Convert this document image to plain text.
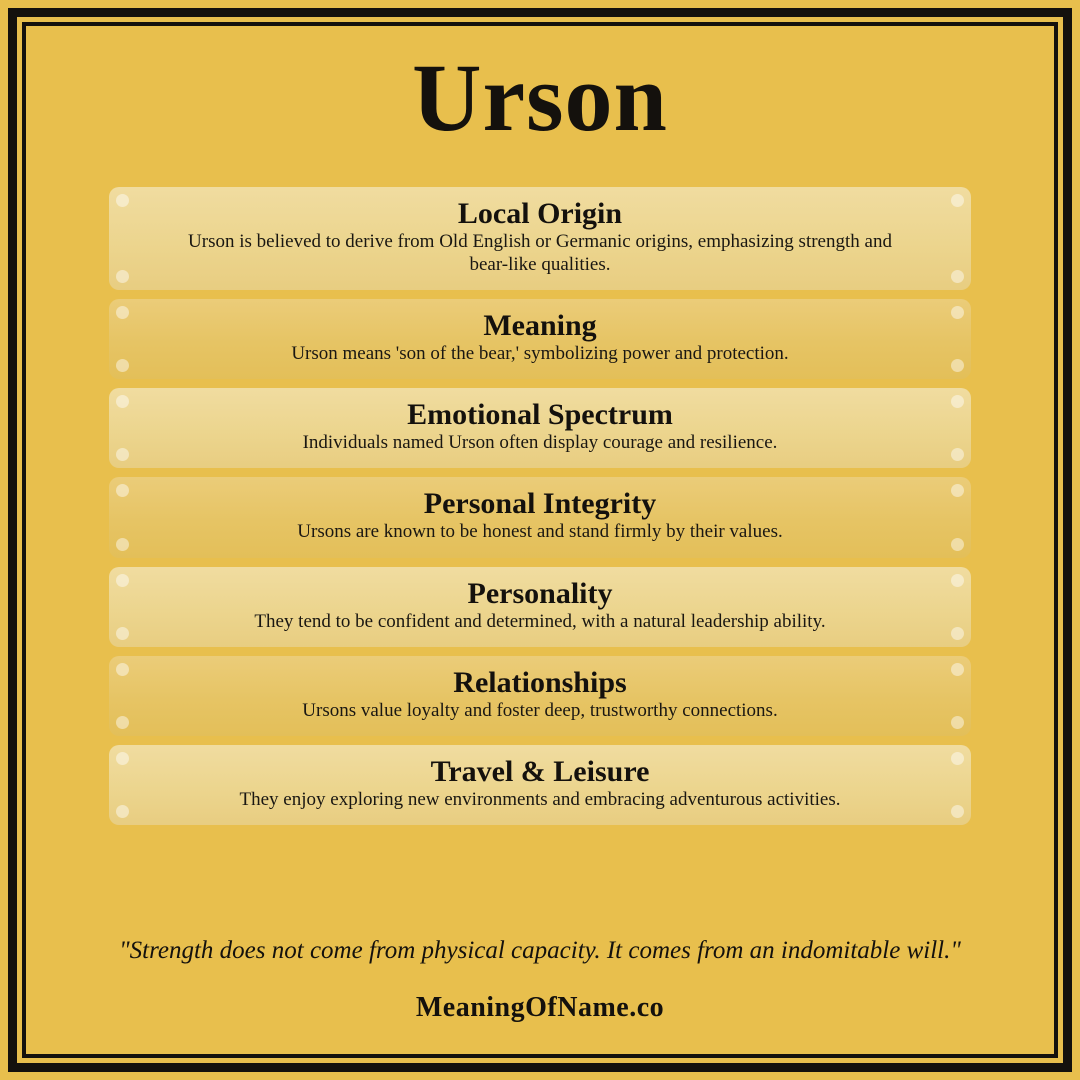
Urson
Local Origin
Urson is believed to derive from Old English or Germanic origins, emphasizing strength and bear-like qualities.
Meaning
Urson means 'son of the bear,' symbolizing power and protection.
Emotional Spectrum
Individuals named Urson often display courage and resilience.
Personal Integrity
Ursons are known to be honest and stand firmly by their values.
Personality
They tend to be confident and determined, with a natural leadership ability.
Relationships
Ursons value loyalty and foster deep, trustworthy connections.
Travel & Leisure
They enjoy exploring new environments and embracing adventurous activities.
"Strength does not come from physical capacity. It comes from an indomitable will."
MeaningOfName.co
